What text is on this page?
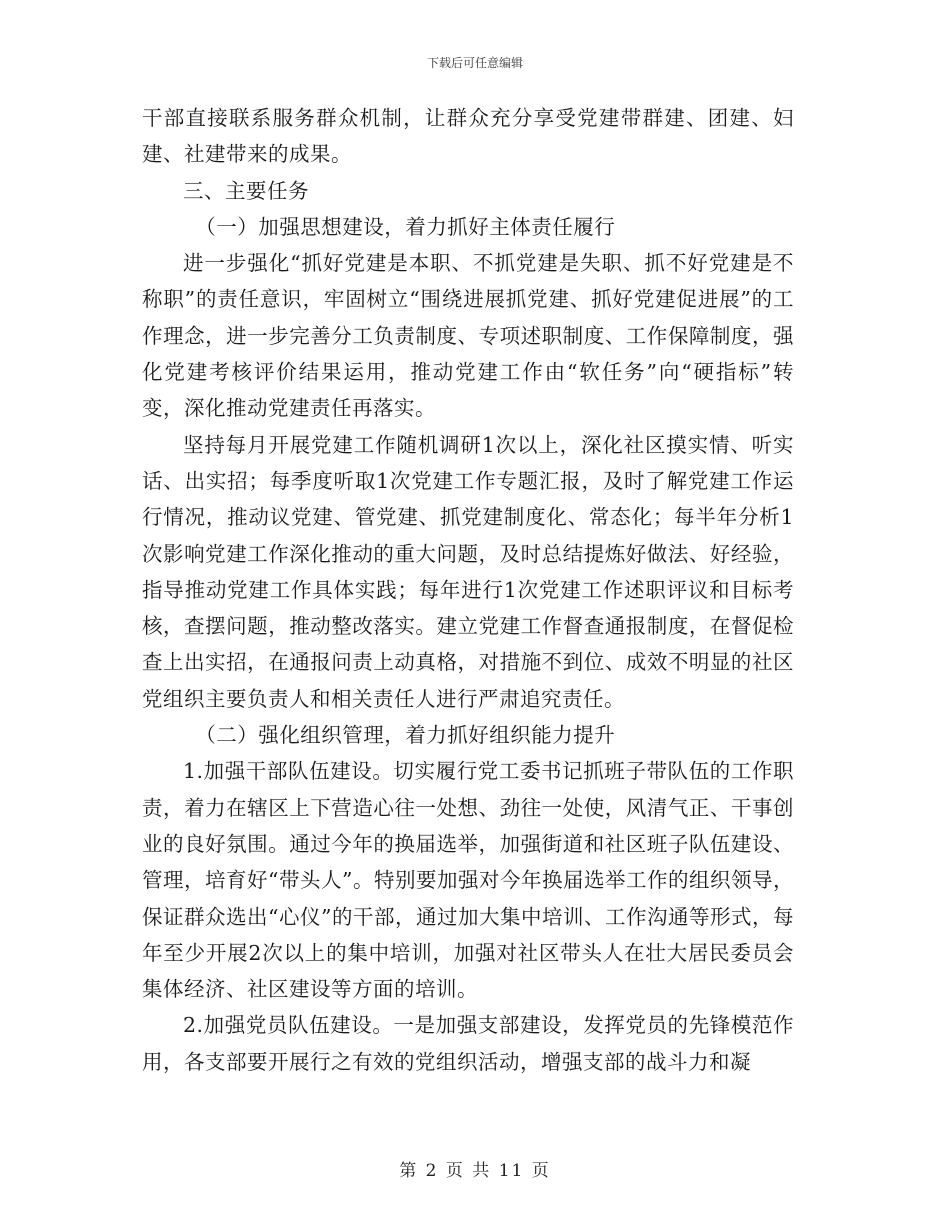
下载后可任意编辑

干部直接联系服务群众机制，让群众充分享受党建带群建、团建、妇建、社建带来的成果。

三、主要任务

（一）加强思想建设，着力抓好主体责任履行

进一步强化“抓好党建是本职、不抓党建是失职、抓不好党建是不称职”的责任意识，牢固树立“围绕进展抓党建、抓好党建促进展”的工作理念，进一步完善分工负责制度、专项述职制度、工作保障制度，强化党建考核评价结果运用，推动党建工作由“软任务”向“硬指标”转变，深化推动党建责任再落实。

坚持每月开展党建工作随机调研1次以上，深化社区摸实情、听实话、出实招；每季度听取1次党建工作专题汇报，及时了解党建工作运行情况，推动议党建、管党建、抓党建制度化、常态化；每半年分析1次影响党建工作深化推动的重大问题，及时总结提炼好做法、好经验，指导推动党建工作具体实践；每年进行1次党建工作述职评议和目标考核，查摆问题，推动整改落实。建立党建工作督查通报制度，在督促检查上出实招，在通报问责上动真格，对措施不到位、成效不明显的社区党组织主要负责人和相关责任人进行严肃追究责任。

（二）强化组织管理，着力抓好组织能力提升

1.加强干部队伍建设。切实履行党工委书记抓班子带队伍的工作职责，着力在辖区上下营造心往一处想、劲往一处使，风清气正、干事创业的良好氛围。通过今年的换届选举，加强街道和社区班子队伍建设、管理，培育好“带头人”。特别要加强对今年换届选举工作的组织领导，保证群众选出“心仪”的干部，通过加大集中培训、工作沟通等形式，每年至少开展2次以上的集中培训，加强对社区带头人在壮大居民委员会集体经济、社区建设等方面的培训。

2.加强党员队伍建设。一是加强支部建设，发挥党员的先锋模范作用，各支部要开展行之有效的党组织活动，增强支部的战斗力和凝

第 2 页 共 11 页
